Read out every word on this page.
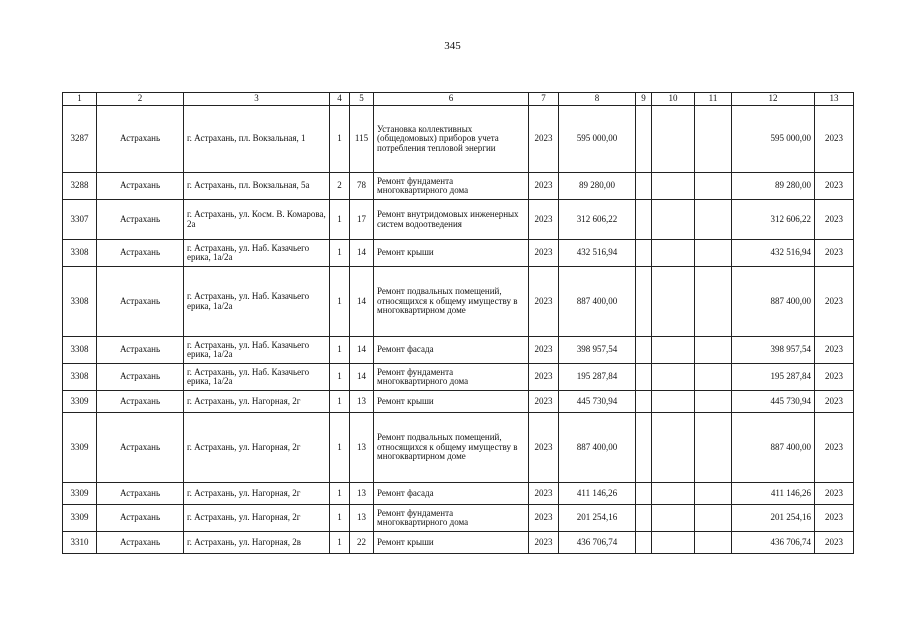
345
1	2	3	4	5	6	7	8	9	10	11	12	13
3287	Астрахань	г. Астрахань, пл. Вокзальная, 1	1	115	Установка коллективных (общедомовых) приборов учета потребления тепловой энергии	2023	595 000,00				595 000,00	2023
3288	Астрахань	г. Астрахань, пл. Вокзальная, 5а	2	78	Ремонт фундамента многоквартирного дома	2023	89 280,00				89 280,00	2023
3307	Астрахань	г. Астрахань, ул. Косм. В. Комарова, 2а	1	17	Ремонт внутридомовых инженерных систем водоотведения	2023	312 606,22				312 606,22	2023
3308	Астрахань	г. Астрахань, ул. Наб. Казачьего ерика, 1а/2а	1	14	Ремонт крыши	2023	432 516,94				432 516,94	2023
3308	Астрахань	г. Астрахань, ул. Наб. Казачьего ерика, 1а/2а	1	14	Ремонт подвальных помещений, относящихся к общему имуществу в многоквартирном доме	2023	887 400,00				887 400,00	2023
3308	Астрахань	г. Астрахань, ул. Наб. Казачьего ерика, 1а/2а	1	14	Ремонт фасада	2023	398 957,54				398 957,54	2023
3308	Астрахань	г. Астрахань, ул. Наб. Казачьего ерика, 1а/2а	1	14	Ремонт фундамента многоквартирного дома	2023	195 287,84				195 287,84	2023
3309	Астрахань	г. Астрахань, ул. Нагорная, 2г	1	13	Ремонт крыши	2023	445 730,94				445 730,94	2023
3309	Астрахань	г. Астрахань, ул. Нагорная, 2г	1	13	Ремонт подвальных помещений, относящихся к общему имуществу в многоквартирном доме	2023	887 400,00				887 400,00	2023
3309	Астрахань	г. Астрахань, ул. Нагорная, 2г	1	13	Ремонт фасада	2023	411 146,26				411 146,26	2023
3309	Астрахань	г. Астрахань, ул. Нагорная, 2г	1	13	Ремонт фундамента многоквартирного дома	2023	201 254,16				201 254,16	2023
3310	Астрахань	г. Астрахань, ул. Нагорная, 2в	1	22	Ремонт крыши	2023	436 706,74				436 706,74	2023
